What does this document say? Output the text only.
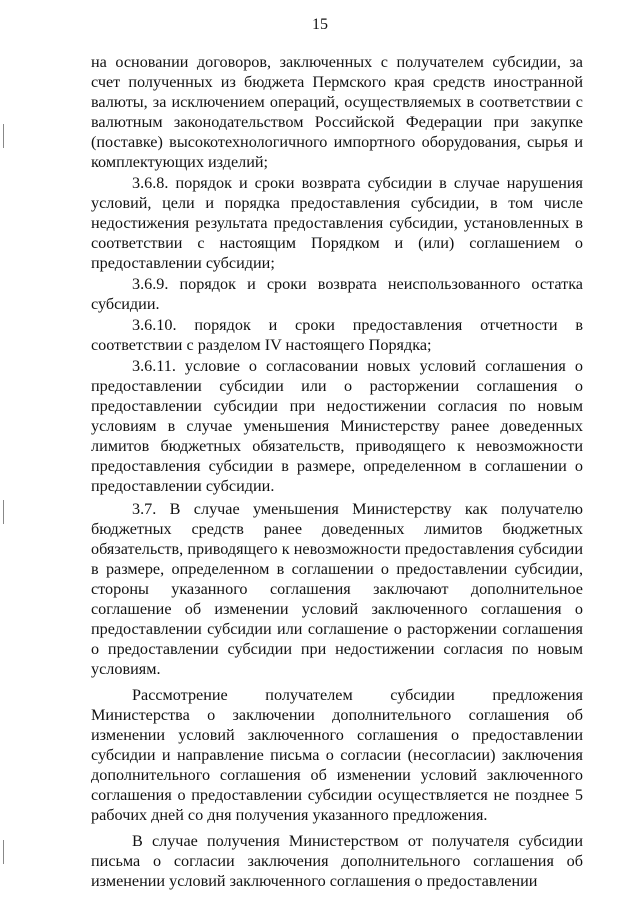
15

на основании договоров, заключенных с получателем субсидии, за счет полученных из бюджета Пермского края средств иностранной валюты, за исключением операций, осуществляемых в соответствии с валютным законодательством Российской Федерации при закупке (поставке) высокотехнологичного импортного оборудования, сырья и комплектующих изделий;

3.6.8. порядок и сроки возврата субсидии в случае нарушения условий, цели и порядка предоставления субсидии, в том числе недостижения результата предоставления субсидии, установленных в соответствии с настоящим Порядком и (или) соглашением о предоставлении субсидии;

3.6.9. порядок и сроки возврата неиспользованного остатка субсидии.

3.6.10. порядок и сроки предоставления отчетности в соответствии с разделом IV настоящего Порядка;

3.6.11. условие о согласовании новых условий соглашения о предоставлении субсидии или о расторжении соглашения о предоставлении субсидии при недостижении согласия по новым условиям в случае уменьшения Министерству ранее доведенных лимитов бюджетных обязательств, приводящего к невозможности предоставления субсидии в размере, определенном в соглашении о предоставлении субсидии.

3.7. В случае уменьшения Министерству как получателю бюджетных средств ранее доведенных лимитов бюджетных обязательств, приводящего к невозможности предоставления субсидии в размере, определенном в соглашении о предоставлении субсидии, стороны указанного соглашения заключают дополнительное соглашение об изменении условий заключенного соглашения о предоставлении субсидии или соглашение о расторжении соглашения о предоставлении субсидии при недостижении согласия по новым условиям.

Рассмотрение получателем субсидии предложения Министерства о заключении дополнительного соглашения об изменении условий заключенного соглашения о предоставлении субсидии и направление письма о согласии (несогласии) заключения дополнительного соглашения об изменении условий заключенного соглашения о предоставлении субсидии осуществляется не позднее 5 рабочих дней со дня получения указанного предложения.

В случае получения Министерством от получателя субсидии письма о согласии заключения дополнительного соглашения об изменении условий заключенного соглашения о предоставлении
